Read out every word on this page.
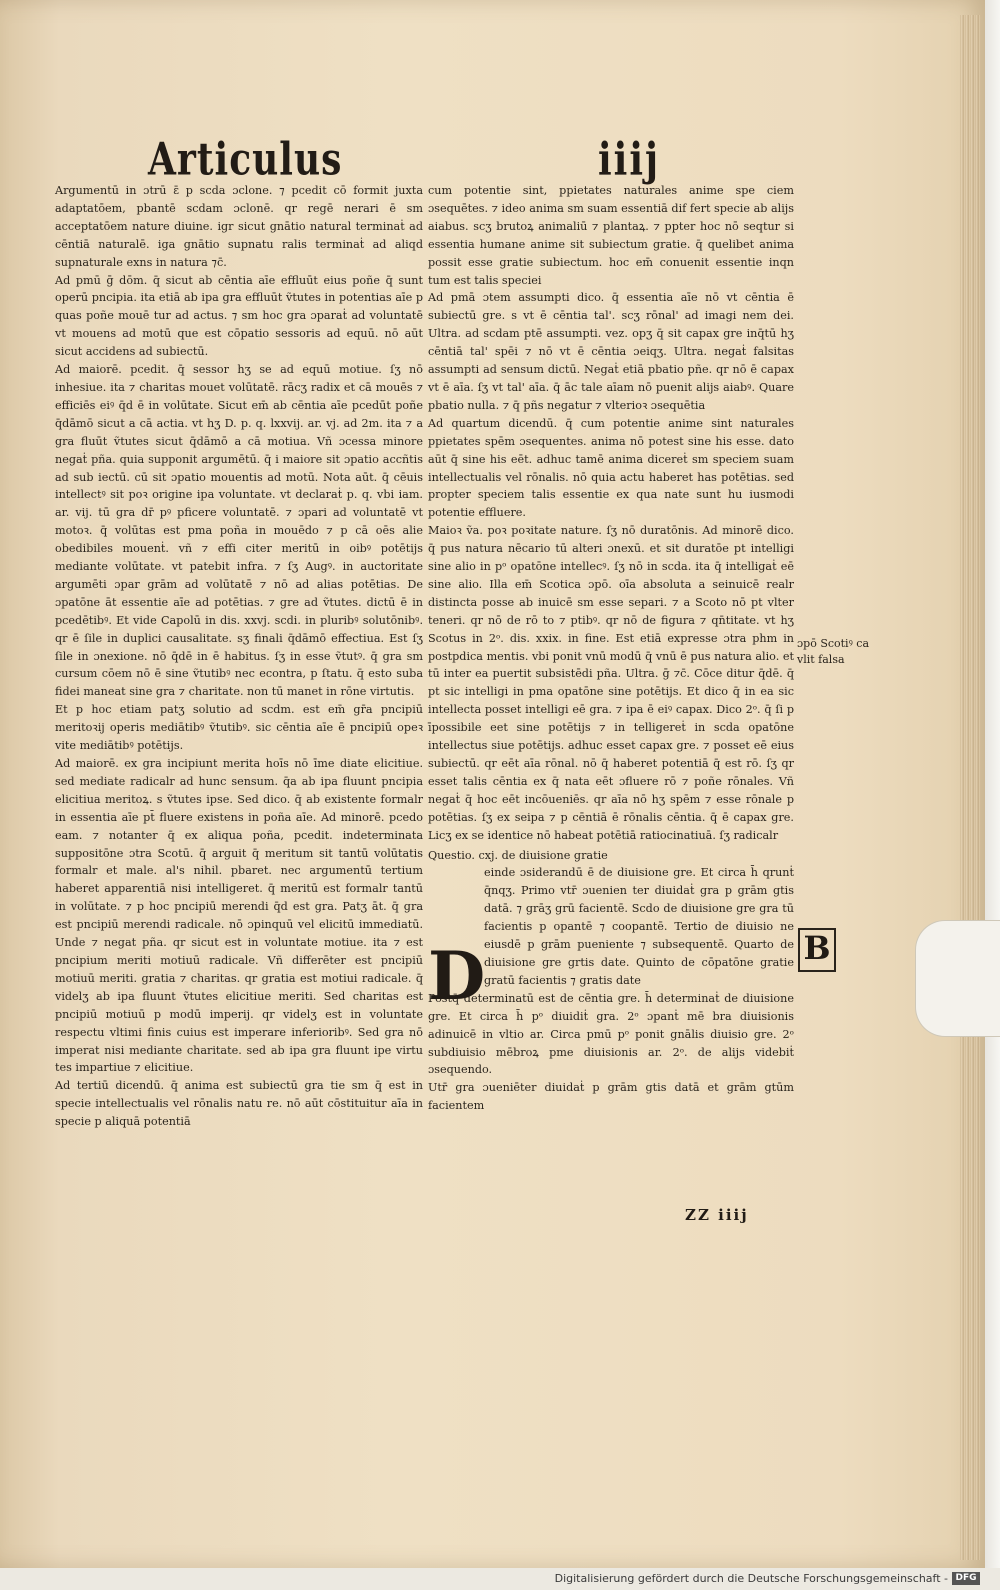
Articulus	iiij

Argumentū in ɔtrū ɛ̄ p scda ɔclone. ⁊ pcedit cō formit juxta adaptatōem, pbantē scdam ɔclonē. qr regē nerari ē sm acceptatōem nature diuine. igr sicut gnātio natural terminaṫ ad cēntiā naturalē. iga gnātio supnatu ralis terminaṫ ad aliqd supnaturale exns in natura ⁊c̄.

Ad pmū ḡ dōm. q̄ sicut ab cēntia aīe effluūt eius poñe q̄ sunt operū pncipia. ita etiā ab ipa gra effluūt ṽtutes in potentias aīe p quas poñe mouē tur ad actus. ⁊ sm hoc gra ɔparaṫ ad voluntatē vt mouens ad motū que est cōpatio sessoris ad equū. nō aūt sicut accidens ad subiectū.

Ad maiorē. pcedit. q̄ sessor hʒ se ad equū motiue. ſʒ nō inhesiue. ita ⁊ charitas mouet volūtatē. rācʒ radix et cā mouēs ⁊ efficiēs eiꝰ q̄d ē in volūtate. Sicut em̄ ab cēntia aīe pcedūt poñe q̄dāmō sicut a cā actia. vt hʒ D. p. q. lxxvij. ar. vj. ad 2m. ita ⁊ a gra fluūt ṽtutes sicut q̄dāmō a cā motiua. Vñ ɔcessa minore negaṫ pña. quia supponit argumētū. q̄ i maiore sit ɔpatio accñtis ad sub iectū. cū sit ɔpatio mouentis ad motū. Nota aūt. q̄ cēuis intellectꝰ sit poꝛ origine ipa voluntate. vt declaraṫ p. q. vbi iam. ar. vij. tū gra dr̄ pꝰ pficere voluntatē. ⁊ ɔpari ad voluntatē vt motoꝛ. q̄ volūtas est pma poña in mouēdo ⁊ p cā oēs alie obedibiles mouenṫ. vñ ⁊ effi citer meritū in oibꝰ potētijs mediante volūtate. vt patebit infra. ⁊ ſʒ Augꝰ. in auctoritate argumēti ɔpar grām ad volūtatē ⁊ nō ad alias potētias. De ɔpatōne āt essentie aīe ad potētias. ⁊ gre ad ṽtutes. dictū ē in pcedētibꝰ. Et vide Capolū in dis. xxvj. scdi. in pluribꝰ solutōnibꝰ. qr ē ſile in duplici causalitate. sʒ finali q̄dāmō effectiua. Est ſʒ ſile in ɔnexione. nō q̄dē in ē habitus. ſʒ in esse ṽtutꝰ. q̄ gra sm cursum cōem nō ē sine ṽtutibꝰ nec econtra, p ſtatu. q̄ esto suba fidei maneat sine gra ⁊ charitate. non tū manet in rōne virtutis.

Et p hoc etiam patʒ solutio ad scdm. est em̄ gr̄a pncipiū meritoꝛij operis mediātibꝰ ṽtutibꝰ. sic cēntia aīe ē pncipiū opeꝛ vite mediātibꝰ potētijs.

Ad maiorē. ex gra incipiunt merita hoīs nō īme diate elicitiue. sed mediate radicalr ad hunc sensum. q̄a ab ipa fluunt pncipia elicitiua meritoꝝ. s ṽtutes ipse. Sed dico. q̄ ab existente formalr in essentia aīe pt̄ fluere existens in poña aīe. Ad minorē. pcedo eam. ⁊ notanter q̄ ex aliqua poña, pcedit. indeterminata suppositōne ɔtra Scotū. q̄ arguit q̄ meritum sit tantū volūtatis formalr et male. al's nihil. pbaret. nec argumentū tertium haberet apparentiā nisi intelligeret. q̄ meritū est formalr tantū in volūtate. ⁊ p hoc pncipiū merendi q̄d est gra. Patʒ āt. q̄ gra est pncipiū merendi radicale. nō ɔpinquū vel elicitū immediatū. Unde ⁊ negat pña. qr sicut est in voluntate motiue. ita ⁊ est pncipium meriti motiuū radicale. Vñ differēter est pncipiū motiuū meriti. gratia ⁊ charitas. qr gratia est motiui radicale. q̄ videlʒ ab ipa fluunt ṽtutes elicitiue meriti. Sed charitas est pncipiū motiuū p modū imperij. qr videlʒ est in voluntate respectu vltimi finis cuius est imperare inferioribꝰ. Sed gra nō imperat nisi mediante charitate. sed ab ipa gra fluunt ipe virtu tes impartiue ⁊ elicitiue.

Ad tertiū dicendū. q̄ anima est subiectū gra tie sm q̄ est in specie intellectualis vel rōnalis natu re. nō aūt cōstituitur aīa in specie p aliquā potentiā

cum potentie sint, ppietates naturales anime spe ciem ɔsequētes. ⁊ ideo anima sm suam essentiā dif fert specie ab alijs aiabus. scʒ brutoꝝ animaliū ⁊ plantaꝝ. ⁊ ppter hoc nō seqtur si essentia humane anime sit subiectum gratie. q̄ quelibet anima possit esse gratie subiectum. hoc em̄ conuenit essentie inqn tum est talis speciei

Ad pmā ɔtem assumpti dico. q̄ essentia aīe nō vt cēntia ē subiectū gre. s vt ē cēntia tal'. scʒ rōnal' ad imagi nem dei. Ultra. ad scdam ptē assumpti. vez. opʒ q̄ sit capax gre inq̄tū hʒ cēntiā tal' spēi ⁊ nō vt ē cēntia ɔeiqʒ. Ultra. negaṫ falsitas assumpti ad sensum dictū. Negaṫ etiā pbatio pñe. qr nō ē capax vt ē aīa. ſʒ vt tal' aīa. q̄ āc tale aīam nō puenit alijs aiabꝰ. Quare pbatio nulla. ⁊ q̄ pñs negatur ⁊ vlterioꝛ ɔsequētia

Ad quartum dicendū. q̄ cum potentie anime sint naturales ppietates spēm ɔsequentes. anima nō potest sine his esse. dato aūt q̄ sine his eēt. adhuc tamē anima dicereṫ sm speciem suam intellectualis vel rōnalis. nō quia actu haberet has potētias. sed propter speciem talis essentie ex qua nate sunt hu iusmodi potentie effluere.

Maioꝛ ṽa. poꝛ poꝛitate nature. ſʒ nō duratōnis. Ad minorē dico. q̄ pus natura nēcario tū alteri ɔnexū. et sit duratōe pt intelligi sine alio in pᵒ opatōne intellecꝰ. ſʒ nō in scda. ita q̄ intelligaṫ eē sine alio. Illa em̄ Scotica ɔpō. oīa absoluta a seinuicē realr distincta posse ab inuicē sm esse separi. ⁊ a Scoto nō pt vlter teneri. qr nō de rō to ⁊ ptibꝰ. qr nō de figura ⁊ qn̄titate. vt hʒ Scotus in 2ᵒ. dis. xxix. in fine. Est etiā expresse ɔtra phm in postpdica mentis. vbi ponit vnū modū q̄ vnū ē pus natura alio. et tū inter ea puertit subsistēdi pña. Ultra. ḡ ⁊c̄. Cōce ditur q̄dē. q̄ pt sic intelligi in pma opatōne sine potētijs. Et dico q̄ in ea sic intellecta posset intelligi eē gra. ⁊ ipa ē eiꝰ capax. Dico 2ᵒ. q̄ ſi p īpossibile eet sine potētijs ⁊ in telligereṫ in scda opatōne intellectus siue potētijs. adhuc esset capax gre. ⁊ posset eē eius subiectū. qr eēt aīa rōnal. nō q̄ haberet potentiā q̄ est rō. ſʒ qr esset talis cēntia ex q̄ nata eēt ɔfluere rō ⁊ poñe rōnales. Vñ negaṫ q̄ hoc eēt incōueniēs. qr aīa nō hʒ spēm ⁊ esse rōnale p potētias. ſʒ ex seipa ⁊ p cēntiā ē rōnalis cēntia. q̄ ē capax gre. Licʒ ex se identice nō habeat potētiā ratiocinatiuā. ſʒ radicalr

Questio. cxj. de diuisione gratie

einde ɔsiderandū ē de diuisione gre. Et circa h̄ qrunṫ q̄nqʒ. Primo vtr̄ ɔuenien ter diuidaṫ gra p grām gtis datā. ⁊ grāʒ grū facientē. Scdo de diuisione gre gra tū facientis p opantē ⁊ coopantē. Tertio de diuisio ne eiusdē p grām pueniente ⁊ subsequentē. Quarto de diuisione gre grtis date. Quinto de cōpatōne gratie gratū facientis ⁊ gratis date

Postq̄ determinatū est de cēntia gre. h̄ determinaṫ de diuisione gre. Et circa h̄ pᵒ diuidiṫ gra. 2ᵒ ɔpanṫ mē bra diuisionis adinuicē in vltio ar. Circa pmū pᵒ ponit gnālis diuisio gre. 2ᵒ subdiuisio mēbroꝝ pme diuisionis ar. 2ᵒ. de alijs videbiṫ ɔsequendo.

Utr̄ gra ɔueniēter diuidaṫ p grām gtis datā et grām gtūm facientem

ɔpō Scotiꝰ ca vlit falsa
D	B
ZZ iiij
Digitalisierung gefördert durch die Deutsche Forschungsgemeinschaft - DFG
